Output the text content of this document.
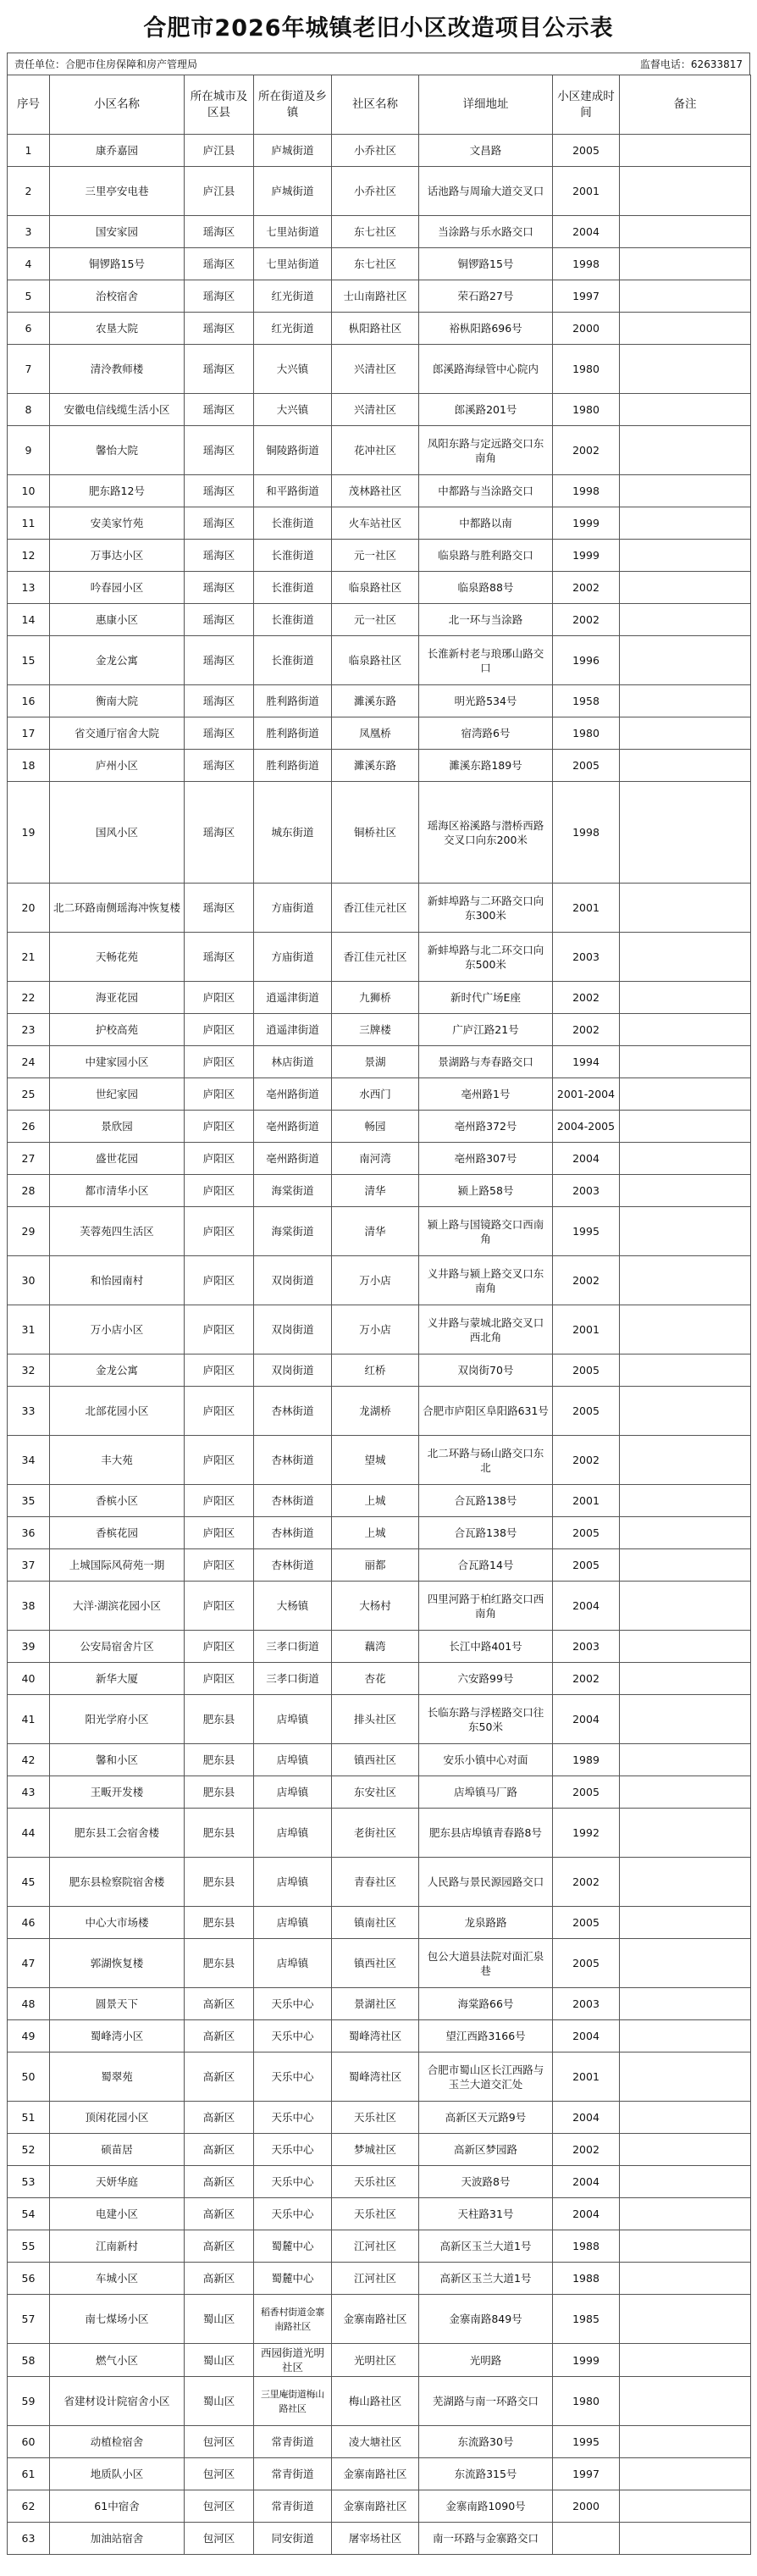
合肥市2026年城镇老旧小区改造项目公示表
责任单位：合肥市住房保障和房产管理局	监督电话：62633817
序号	小区名称	所在城市及区县	所在街道及乡镇	社区名称	详细地址	小区建成时间	备注
1	康乔嘉园	庐江县	庐城街道	小乔社区	文昌路	2005	
2	三里亭安电巷	庐江县	庐城街道	小乔社区	话池路与周瑜大道交叉口	2001	
3	国安家园	瑶海区	七里站街道	东七社区	当涂路与乐水路交口	2004	
4	铜锣路15号	瑶海区	七里站街道	东七社区	铜锣路15号	1998	
5	治校宿舍	瑶海区	红光街道	士山南路社区	荣石路27号	1997	
6	农垦大院	瑶海区	红光街道	枞阳路社区	裕枞阳路696号	2000	
7	清泠教师楼	瑶海区	大兴镇	兴清社区	郎溪路海绿管中心院内	1980	
8	安徽电信线缆生活小区	瑶海区	大兴镇	兴清社区	郎溪路201号	1980	
9	馨怡大院	瑶海区	铜陵路街道	花冲社区	凤阳东路与定远路交口东南角	2002	
10	肥东路12号	瑶海区	和平路街道	茂林路社区	中都路与当涂路交口	1998	
11	安美家竹苑	瑶海区	长淮街道	火车站社区	中都路以南	1999	
12	万事达小区	瑶海区	长淮街道	元一社区	临泉路与胜利路交口	1999	
13	吟春园小区	瑶海区	长淮街道	临泉路社区	临泉路88号	2002	
14	惠康小区	瑶海区	长淮街道	元一社区	北一环与当涂路	2002	
15	金龙公寓	瑶海区	长淮街道	临泉路社区	长淮新村老与琅琊山路交口	1996	
16	衡南大院	瑶海区	胜利路街道	濉溪东路	明光路534号	1958	
17	省交通厅宿舍大院	瑶海区	胜利路街道	凤凰桥	宿湾路6号	1980	
18	庐州小区	瑶海区	胜利路街道	濉溪东路	濉溪东路189号	2005	
19	国风小区	瑶海区	城东街道	铜桥社区	瑶海区裕溪路与潜桥西路交叉口向东200米	1998	
20	北二环路南侧瑶海冲恢复楼	瑶海区	方庙街道	香江佳元社区	新蚌埠路与二环路交口向东300米	2001	
21	天畅花苑	瑶海区	方庙街道	香江佳元社区	新蚌埠路与北二环交口向东500米	2003	
22	海亚花园	庐阳区	逍遥津街道	九狮桥	新时代广场E座	2002	
23	护校高苑	庐阳区	逍遥津街道	三牌楼	广庐江路21号	2002	
24	中建家园小区	庐阳区	林店街道	景湖	景湖路与寿春路交口	1994	
25	世纪家园	庐阳区	亳州路街道	水西门	亳州路1号	2001-2004	
26	景欣园	庐阳区	亳州路街道	畅园	亳州路372号	2004-2005	
27	盛世花园	庐阳区	亳州路街道	南河湾	亳州路307号	2004	
28	都市清华小区	庐阳区	海棠街道	清华	颍上路58号	2003	
29	芙蓉苑四生活区	庐阳区	海棠街道	清华	颍上路与国镜路交口西南角	1995	
30	和怡园南村	庐阳区	双岗街道	万小店	义井路与颍上路交叉口东南角	2002	
31	万小店小区	庐阳区	双岗街道	万小店	义井路与蒙城北路交叉口西北角	2001	
32	金龙公寓	庐阳区	双岗街道	红桥	双岗街70号	2005	
33	北部花园小区	庐阳区	杏林街道	龙湖桥	合肥市庐阳区阜阳路631号	2005	
34	丰大苑	庐阳区	杏林街道	望城	北二环路与砀山路交口东北	2002	
35	香槟小区	庐阳区	杏林街道	上城	合瓦路138号	2001	
36	香槟花园	庐阳区	杏林街道	上城	合瓦路138号	2005	
37	上城国际风荷苑一期	庐阳区	杏林街道	丽都	合瓦路14号	2005	
38	大洋·湖滨花园小区	庐阳区	大杨镇	大杨村	四里河路于柏红路交口西南角	2004	
39	公安局宿舍片区	庐阳区	三孝口街道	藕湾	长江中路401号	2003	
40	新华大厦	庐阳区	三孝口街道	杏花	六安路99号	2002	
41	阳光学府小区	肥东县	店埠镇	排头社区	长临东路与浮槎路交口往东50米	2004	
42	馨和小区	肥东县	店埠镇	镇西社区	安乐小镇中心对面	1989	
43	王畈开发楼	肥东县	店埠镇	东安社区	店埠镇马厂路	2005	
44	肥东县工会宿舍楼	肥东县	店埠镇	老街社区	肥东县店埠镇青春路8号	1992	
45	肥东县检察院宿舍楼	肥东县	店埠镇	青春社区	人民路与景民源园路交口	2002	
46	中心大市场楼	肥东县	店埠镇	镇南社区	龙泉路路	2005	
47	郭湖恢复楼	肥东县	店埠镇	镇西社区	包公大道县法院对面汇泉巷	2005	
48	圆景天下	高新区	天乐中心	景湖社区	海棠路66号	2003	
49	蜀峰湾小区	高新区	天乐中心	蜀峰湾社区	望江西路3166号	2004	
50	蜀翠苑	高新区	天乐中心	蜀峰湾社区	合肥市蜀山区长江西路与玉兰大道交汇处	2001	
51	顶闲花园小区	高新区	天乐中心	天乐社区	高新区天元路9号	2004	
52	硕苗居	高新区	天乐中心	梦城社区	高新区梦园路	2002	
53	天妍华庭	高新区	天乐中心	天乐社区	天波路8号	2004	
54	电建小区	高新区	天乐中心	天乐社区	天柱路31号	2004	
55	江南新村	高新区	蜀麓中心	江河社区	高新区玉兰大道1号	1988	
56	车城小区	高新区	蜀麓中心	江河社区	高新区玉兰大道1号	1988	
57	南七煤场小区	蜀山区	稻香村街道金寨南路社区	金寨南路社区	金寨南路849号	1985	
58	燃气小区	蜀山区	西园街道光明社区	光明社区	光明路	1999	
59	省建材设计院宿舍小区	蜀山区	三里庵街道梅山路社区	梅山路社区	芜湖路与南一环路交口	1980	
60	动植检宿舍	包河区	常青街道	凌大塘社区	东流路30号	1995	
61	地质队小区	包河区	常青街道	金寨南路社区	东流路315号	1997	
62	61中宿舍	包河区	常青街道	金寨南路社区	金寨南路1090号	2000	
63	加油站宿舍	包河区	同安街道	屠宰场社区	南一环路与金寨路交口		
